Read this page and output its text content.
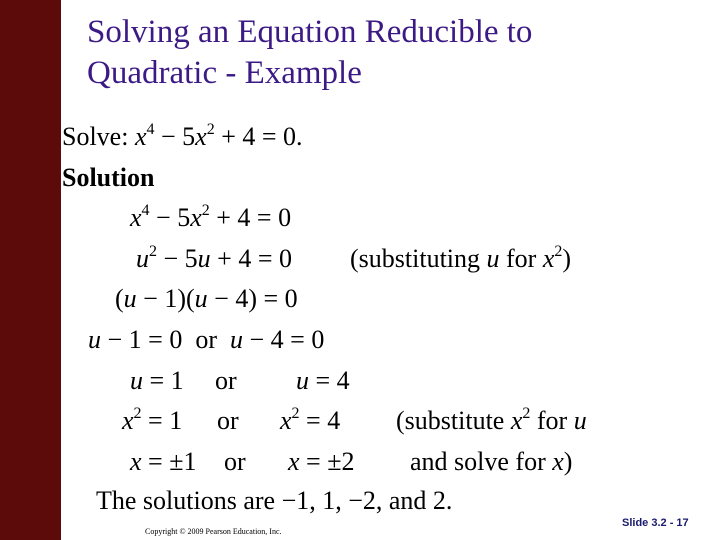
Solving an Equation Reducible to
Quadratic - Example
Solve: $x^4 - 5x^2 + 4 = 0$.
Solution
$x^4 - 5x^2 + 4 = 0$
$u^2 - 5u + 4 = 0$ (substituting u for $x^2$)
(u − 1)(u − 4) = 0
u − 1 = 0  or u − 4 = 0
u = 1 or u = 4
$x^2 = 1$ or $x^2 = 4$ (substitute $x^2$ for u
x = ±1 or x = ±2 and solve for x)
The solutions are −1, 1, −2, and 2.
Copyright © 2009 Pearson Education, Inc.
Slide 3.2 - 17
